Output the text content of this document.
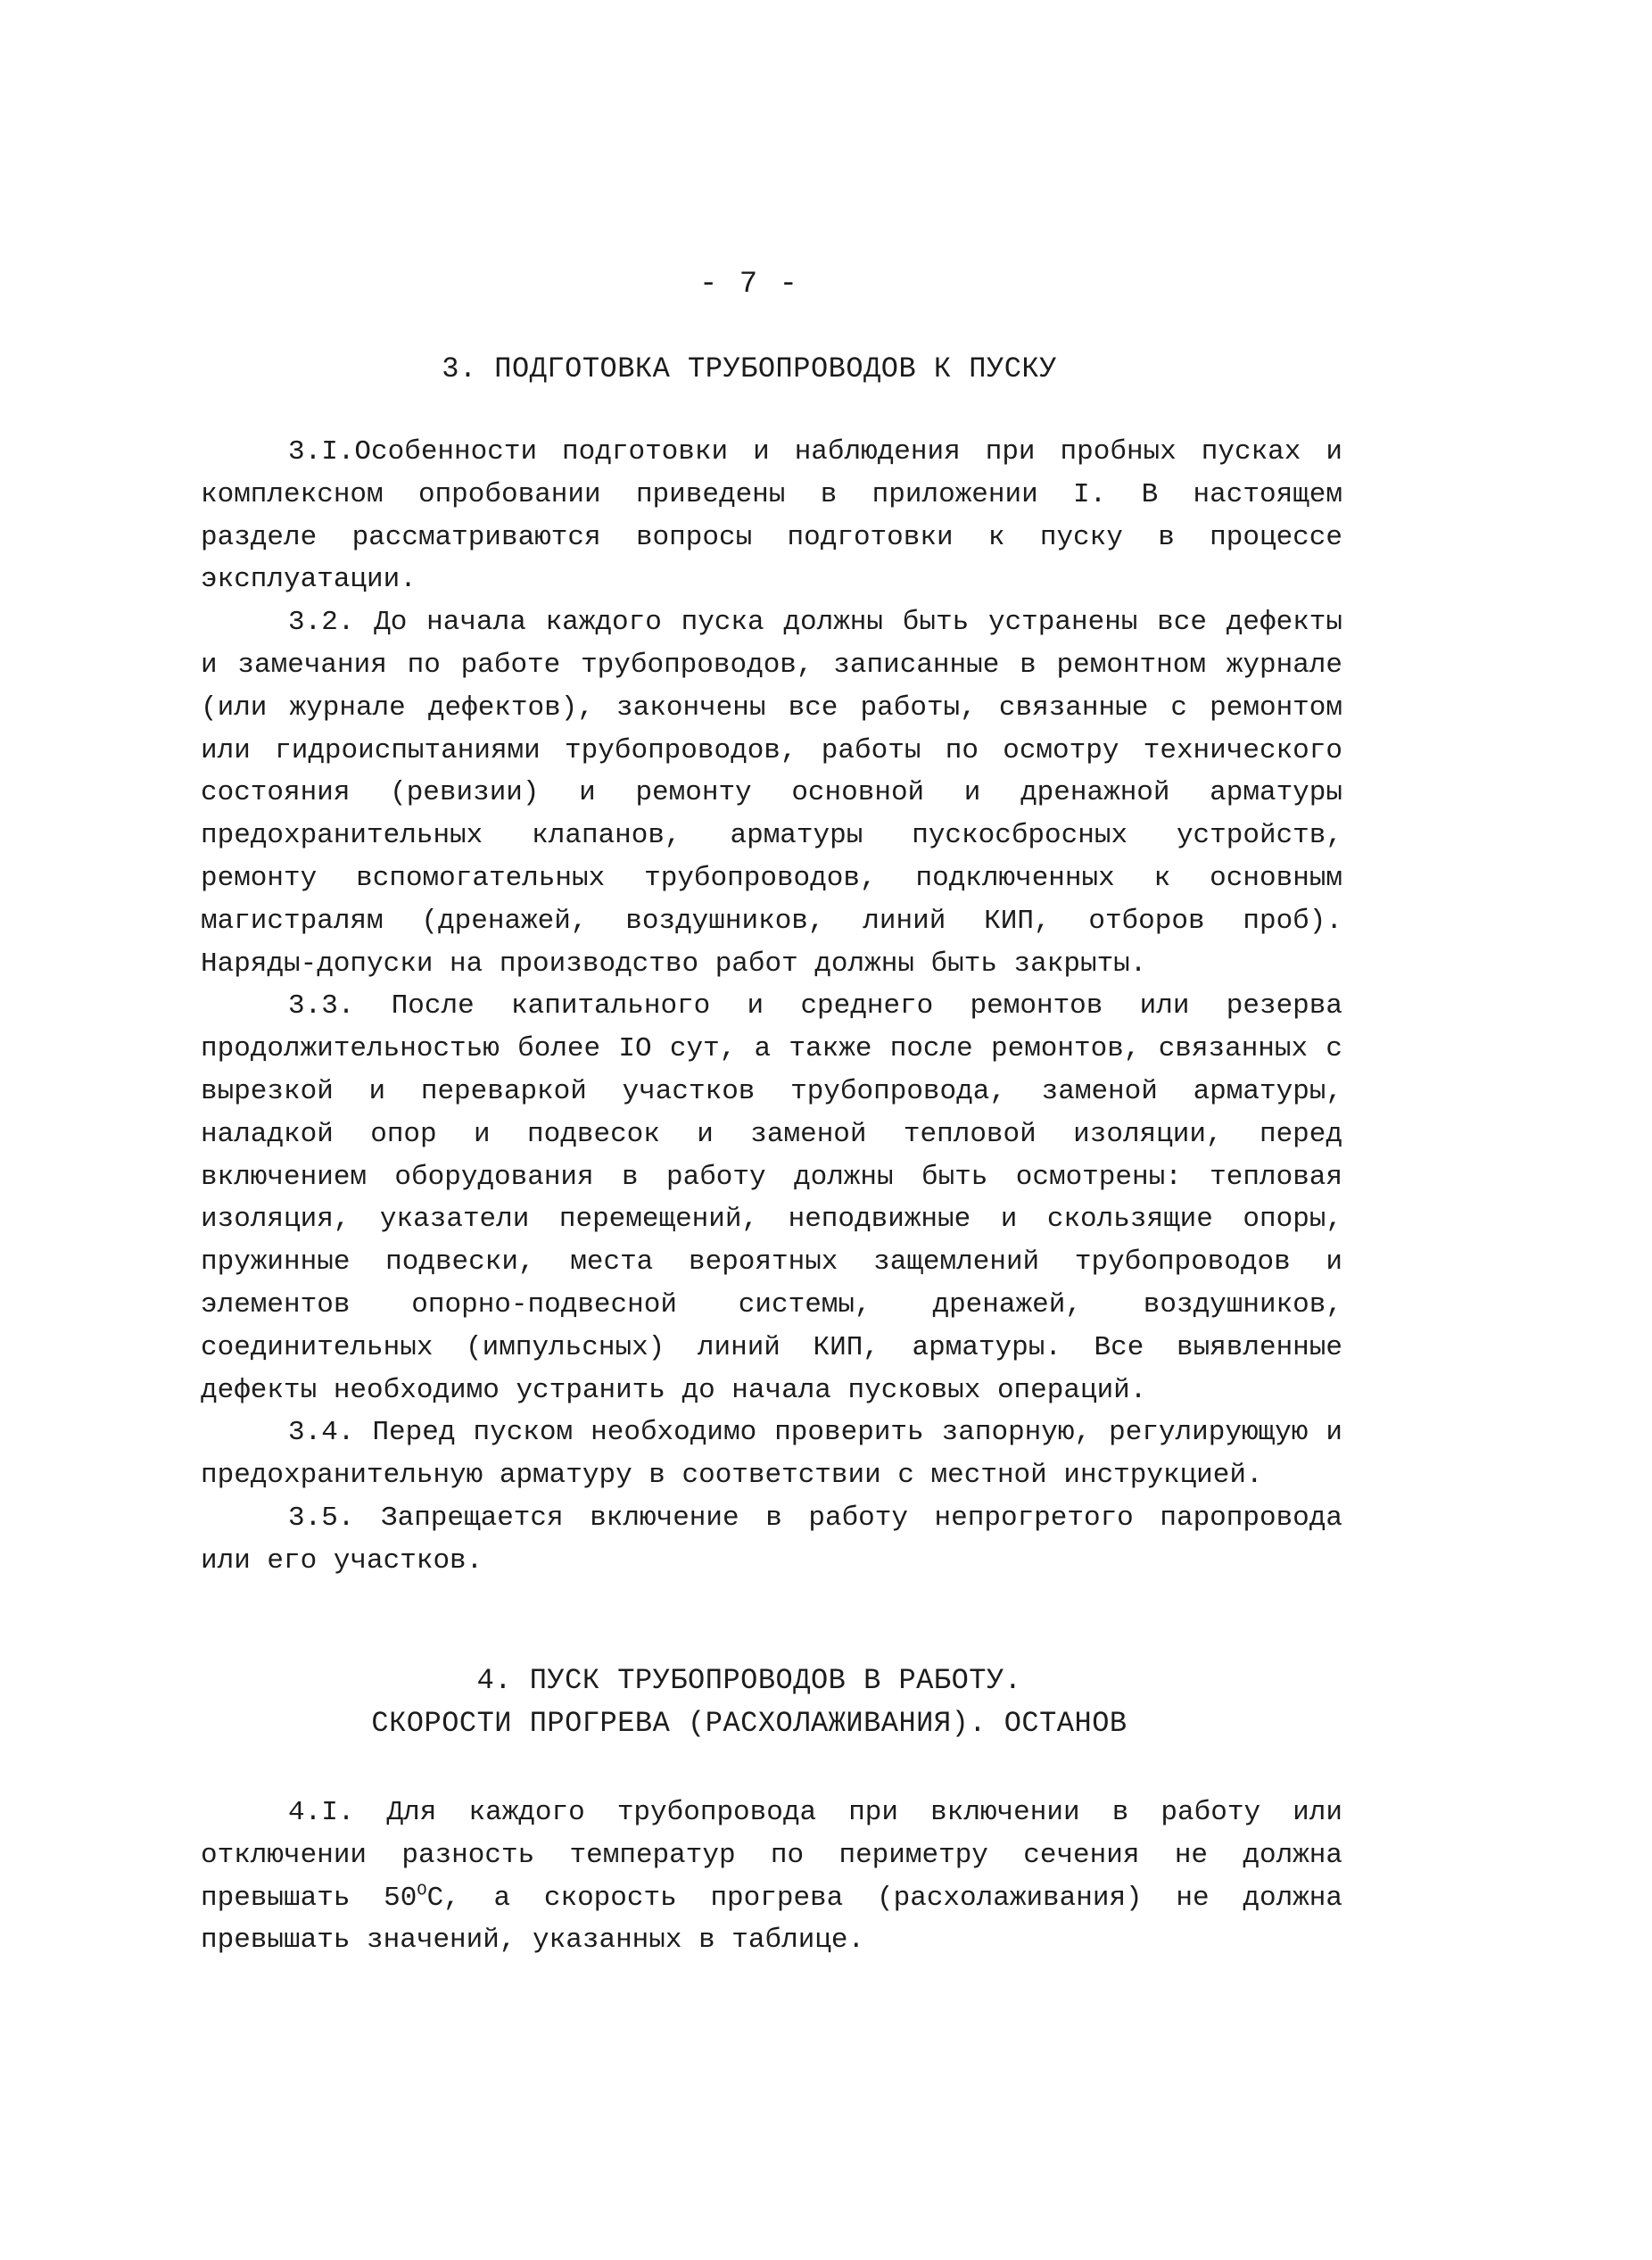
- 7 -
3. ПОДГОТОВКА ТРУБОПРОВОДОВ К ПУСКУ

3.I.Особенности подготовки и наблюдения при пробных пусках и комплексном опробовании приведены в приложении I. В настоящем разделе рассматриваются вопросы подготовки к пуску в процессе эксплуатации.

3.2. До начала каждого пуска должны быть устранены все дефекты и замечания по работе трубопроводов, записанные в ремонтном журнале (или журнале дефектов), закончены все работы, связанные с ремонтом или гидроиспытаниями трубопроводов, работы по осмотру технического состояния (ревизии) и ремонту основной и дренажной арматуры предохранительных клапанов, арматуры пускосбросных устройств, ремонту вспомогательных трубопроводов, подключенных к основным магистралям (дренажей, воздушников, линий КИП, отборов проб). Наряды-допуски на производство работ должны быть закрыты.

3.3. После капитального и среднего ремонтов или резерва продолжительностью более IO сут, а также после ремонтов, связанных с вырезкой и переваркой участков трубопровода, заменой арматуры, наладкой опор и подвесок и заменой тепловой изоляции, перед включением оборудования в работу должны быть осмотрены: тепловая изоляция, указатели перемещений, неподвижные и скользящие опоры, пружинные подвески, места вероятных защемлений трубопроводов и элементов опорно-подвесной системы, дренажей, воздушников, соединительных (импульсных) линий КИП, арматуры. Все выявленные дефекты необходимо устранить до начала пусковых операций.

3.4. Перед пуском необходимо проверить запорную, регулирующую и предохранительную арматуру в соответствии с местной инструкцией.

3.5. Запрещается включение в работу непрогретого паропровода или его участков.

4. ПУСК ТРУБОПРОВОДОВ В РАБОТУ.
СКОРОСТИ ПРОГРЕВА (РАСХОЛАЖИВАНИЯ). ОСТАНОВ

4.I. Для каждого трубопровода при включении в работу или отключении разность температур по периметру сечения не должна превышать $50^OС$, а скорость прогрева (расхолаживания) не должна превышать значений, указанных в таблице.
